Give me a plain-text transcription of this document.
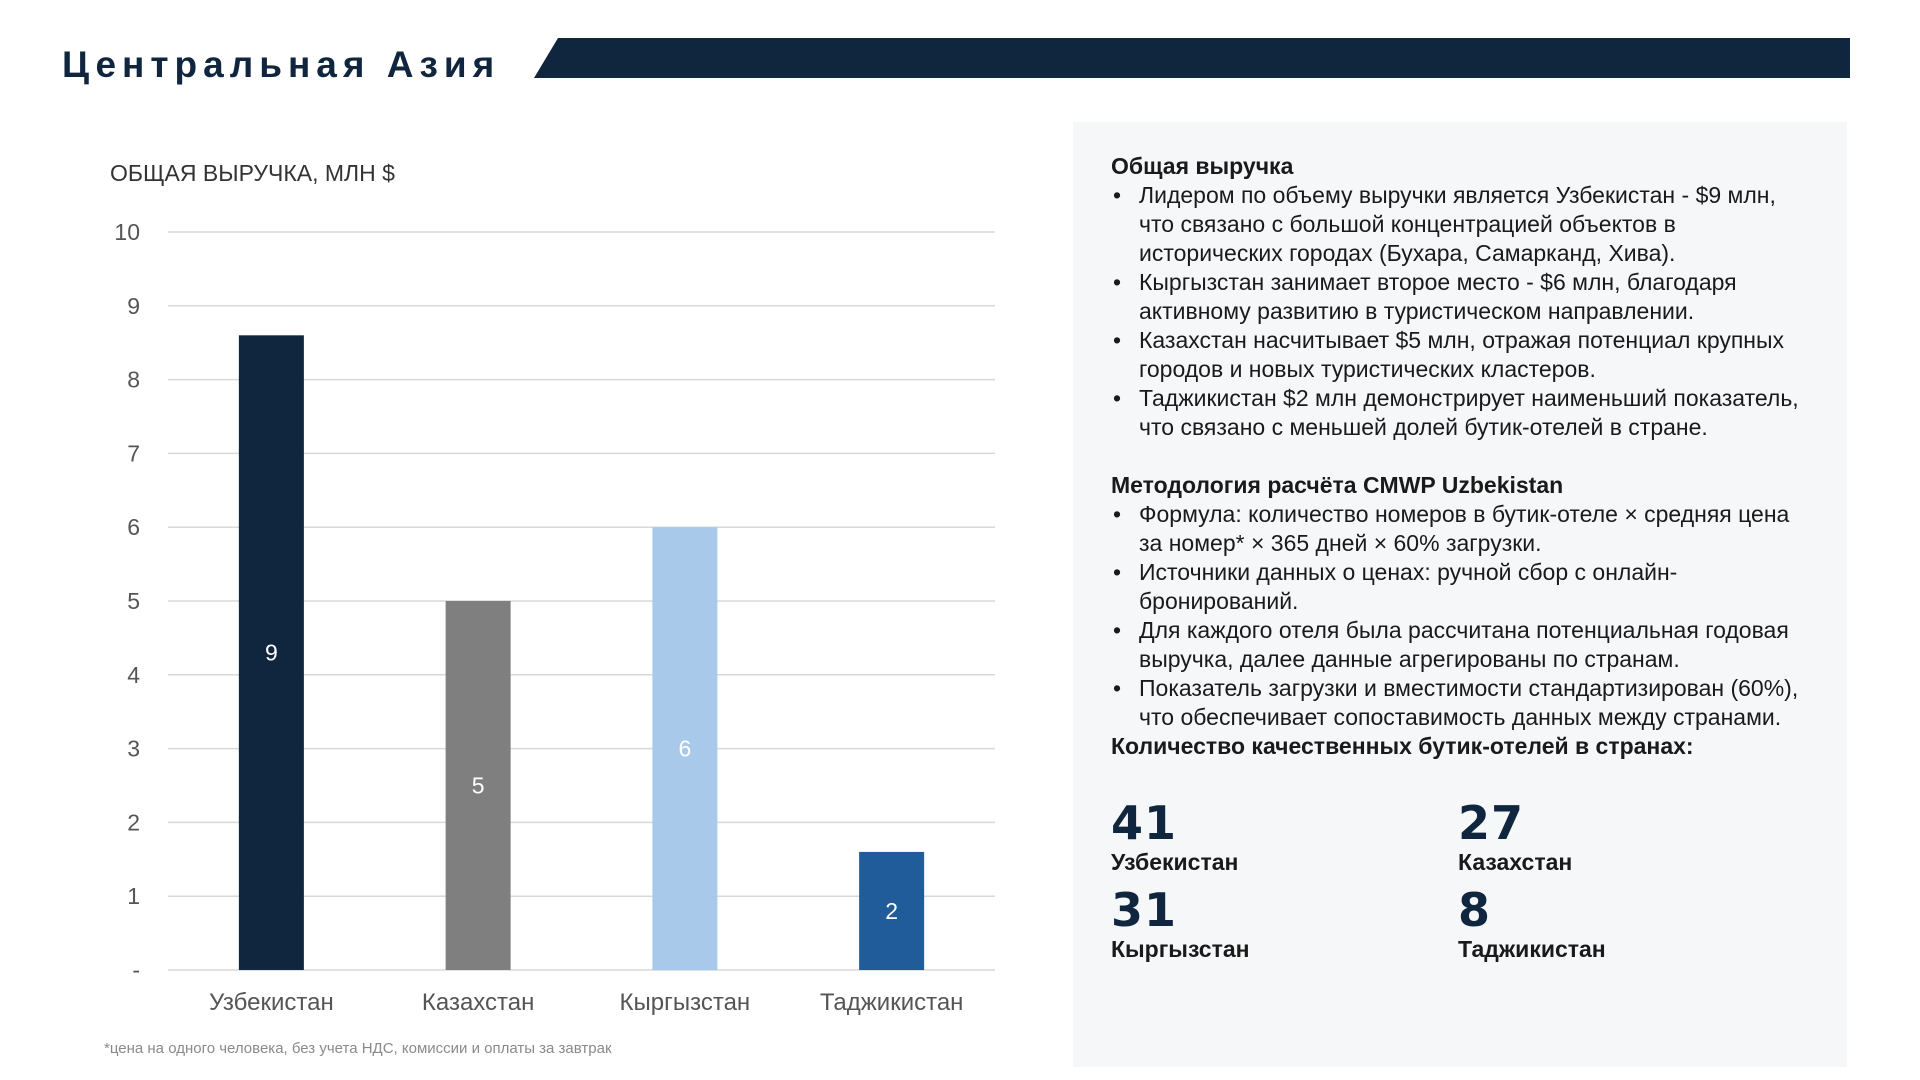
Центральная Азия
ОБЩАЯ ВЫРУЧКА, МЛН $
-
1
2
3
4
5
6
7
8
9
10
9
Узбекистан
5
Казахстан
6
Кыргызстан
2
Таджикистан
*цена на одного человека, без учета НДС, комиссии и оплаты за завтрак
Общая выручка
• Лидером по объему выручки является Узбекистан - $9 млн, что связано с большой концентрацией объектов в исторических городах (Бухара, Самарканд, Хива).
• Кыргызстан занимает второе место - $6 млн, благодаря активному развитию в туристическом направлении.
• Казахстан насчитывает $5 млн, отражая потенциал крупных городов и новых туристических кластеров.
• Таджикистан $2 млн демонстрирует наименьший показатель, что связано с меньшей долей бутик-отелей в стране.
Методология расчёта CMWP Uzbekistan
• Формула: количество номеров в бутик-отеле × средняя цена за номер* × 365 дней × 60% загрузки.
• Источники данных о ценах: ручной сбор с онлайн-бронирований.
• Для каждого отеля была рассчитана потенциальная годовая выручка, далее данные агрегированы по странам.
• Показатель загрузки и вместимости стандартизирован (60%), что обеспечивает сопоставимость данных между странами.
Количество качественных бутик-отелей в странах:
41
Узбекистан
27
Казахстан
31
Кыргызстан
8
Таджикистан
